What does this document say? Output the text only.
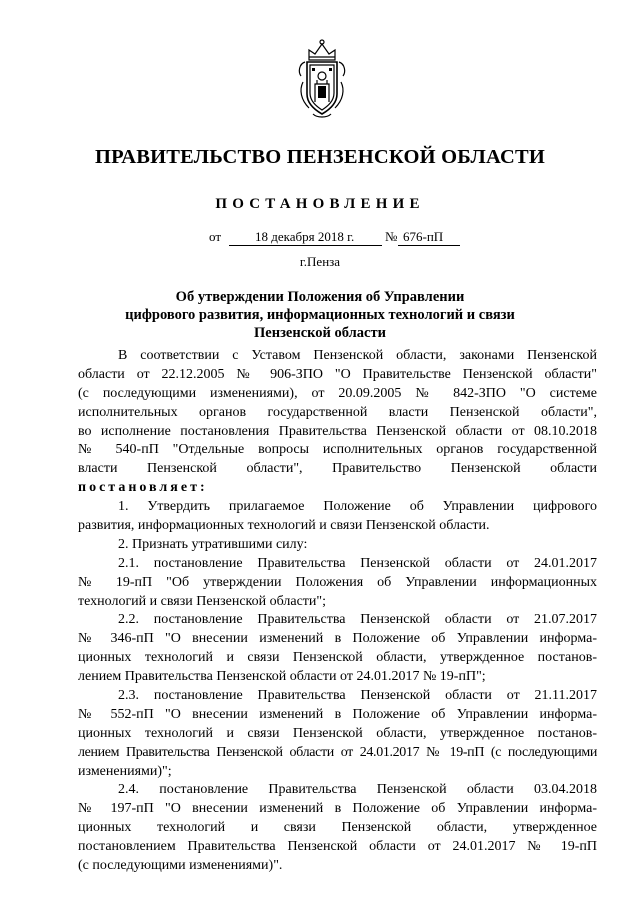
ПРАВИТЕЛЬСТВО ПЕНЗЕНСКОЙ ОБЛАСТИ
ПОСТАНОВЛЕНИЕ
от	18 декабря 2018 г. № 676-пП
г.Пенза
Об утверждении Положения об Управлении
цифрового развития, информационных технологий и связи
Пензенской области
В соответствии с Уставом Пензенской области, законами Пензенской
области от 22.12.2005 № 906-ЗПО "О Правительстве Пензенской области"
(с последующими изменениями), от 20.09.2005 № 842-ЗПО "О системе
исполнительных органов государственной власти Пензенской области",
во исполнение постановления Правительства Пензенской области от 08.10.2018
№ 540-пП "Отдельные вопросы исполнительных органов государственной
власти Пензенской области", Правительство Пензенской области
постановляет:
1. Утвердить прилагаемое Положение об Управлении цифрового
развития, информационных технологий и связи Пензенской области.
2. Признать утратившими силу:
2.1. постановление Правительства Пензенской области от 24.01.2017
№ 19-пП "Об утверждении Положения об Управлении информационных
технологий и связи Пензенской области";
2.2. постановление Правительства Пензенской области от 21.07.2017
№ 346-пП "О внесении изменений в Положение об Управлении информа-
ционных технологий и связи Пензенской области, утвержденное постанов-
лением Правительства Пензенской области от 24.01.2017 № 19-пП";
2.3. постановление Правительства Пензенской области от 21.11.2017
№ 552-пП "О внесении изменений в Положение об Управлении информа-
ционных технологий и связи Пензенской области, утвержденное постанов-
лением Правительства Пензенской области от 24.01.2017 № 19-пП (с последующими
изменениями)";
2.4. постановление Правительства Пензенской области 03.04.2018
№ 197-пП "О внесении изменений в Положение об Управлении информа-
ционных технологий и связи Пензенской области, утвержденное
постановлением Правительства Пензенской области от 24.01.2017 № 19-пП
(с последующими изменениями)".
